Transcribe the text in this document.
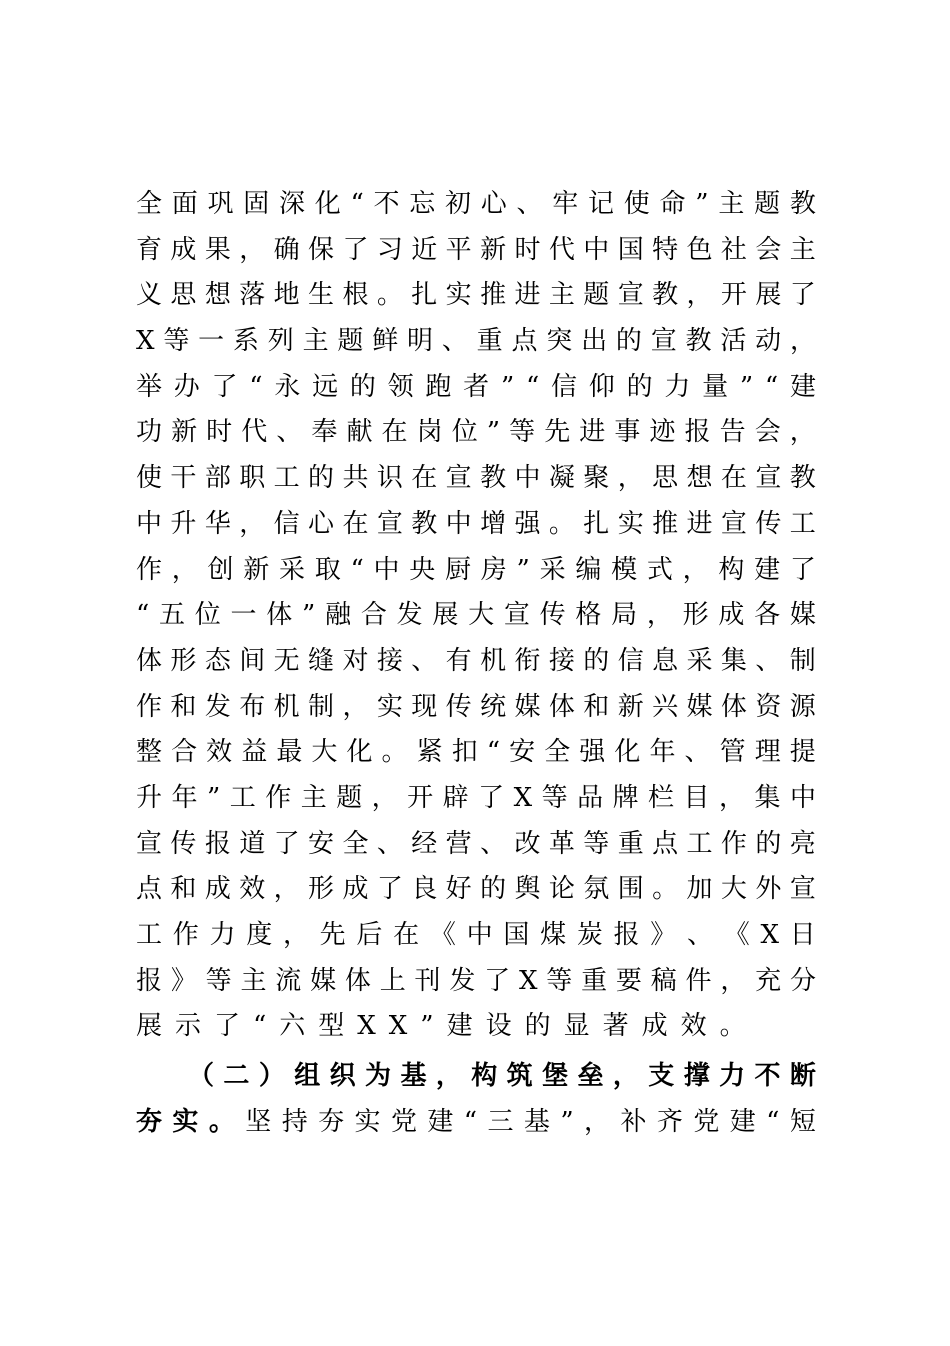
全 面 巩 固 深 化 “ 不 忘 初 心 、 牢 记 使 命 ” 主 题 教
育 成 果 ， 确 保 了 习 近 平 新 时 代 中 国 特 色 社 会 主
义 思 想 落 地 生 根 。 扎 实 推 进 主 题 宣 教 ， 开 展 了
X 等 一 系 列 主 题 鲜 明 、 重 点 突 出 的 宣 教 活 动 ，
举 办 了 “ 永 远 的 领 跑 者 ” “ 信 仰 的 力 量 ” “ 建
功 新 时 代 、 奉 献 在 岗 位 ” 等 先 进 事 迹 报 告 会 ，
使 干 部 职 工 的 共 识 在 宣 教 中 凝 聚 ， 思 想 在 宣 教
中 升 华 ， 信 心 在 宣 教 中 增 强 。 扎 实 推 进 宣 传 工
作 ， 创 新 采 取 “ 中 央 厨 房 ” 采 编 模 式 ， 构 建 了
“ 五 位 一 体 ” 融 合 发 展 大 宣 传 格 局 ， 形 成 各 媒
体 形 态 间 无 缝 对 接 、 有 机 衔 接 的 信 息 采 集 、 制
作 和 发 布 机 制 ， 实 现 传 统 媒 体 和 新 兴 媒 体 资 源
整 合 效 益 最 大 化 。 紧 扣 “ 安 全 强 化 年 、 管 理 提
升 年 ” 工 作 主 题 ， 开 辟 了 X 等 品 牌 栏 目 ， 集 中
宣 传 报 道 了 安 全 、 经 营 、 改 革 等 重 点 工 作 的 亮
点 和 成 效 ， 形 成 了 良 好 的 舆 论 氛 围 。 加 大 外 宣
工 作 力 度 ， 先 后 在 《 中 国 煤 炭 报 》 、 《 X 日
报 》 等 主 流 媒 体 上 刊 发 了 X 等 重 要 稿 件 ， 充 分
展示了“六型XX”建设的显著成效。
（ 二 ） 组 织 为 基 ， 构 筑 堡 垒 ， 支 撑 力 不 断
夯 实 。 坚 持 夯 实 党 建 “ 三 基 ” ， 补 齐 党 建 “ 短
